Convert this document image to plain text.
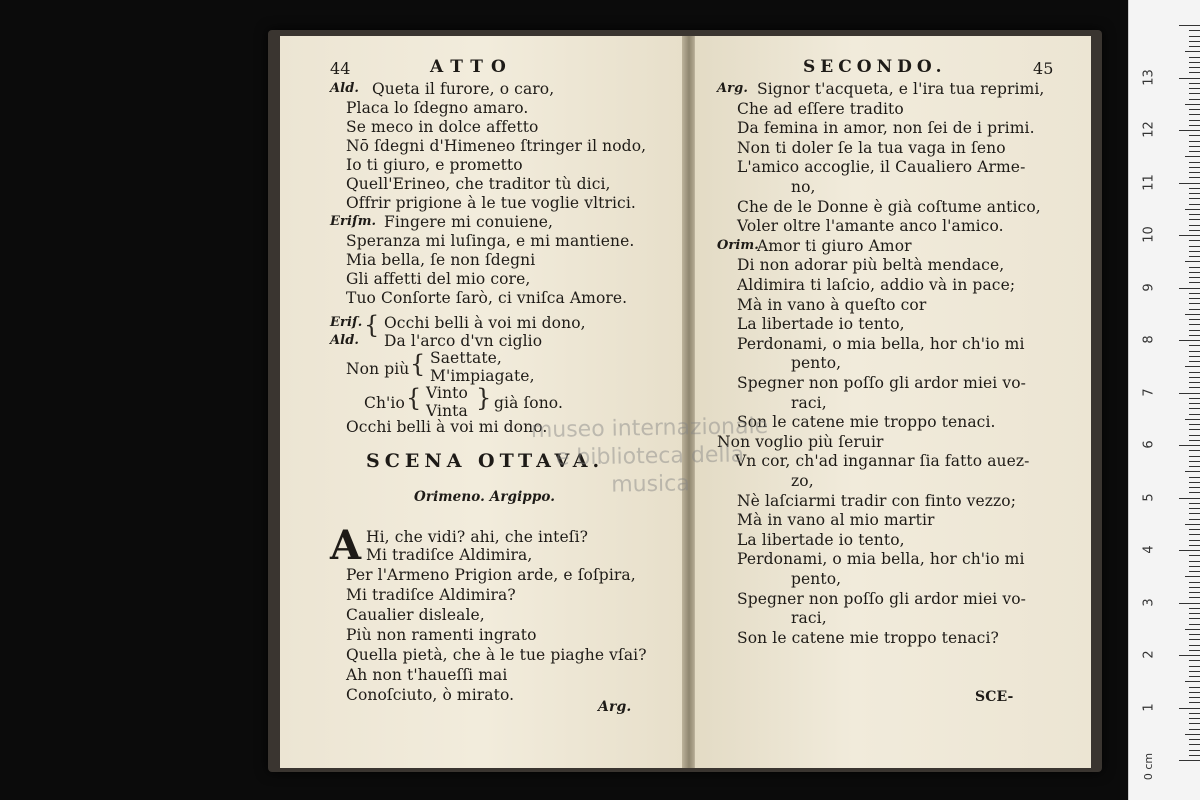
44	ATTO
Ald. Queta il furore, o caro,
Placa lo ſdegno amaro.
Se meco in dolce affetto
Nō ſdegni d'Himeneo ſtringer il nodo,
Io ti giuro, e prometto
Quell'Erineo, che traditor tù dici,
Offrir prigione à le tue voglie vltrici.
Eriſm. Fingere mi conuiene,
Speranza mi luſinga, e mi mantiene.
Mia bella, ſe non ſdegni
Gli affetti del mio core,
Tuo Conſorte ſarò, ci vniſca Amore.
Eriſ.
Ald.
{ Occhi belli à voi mi dono,
Da l'arco d'vn ciglio
Non più { Saettate,
M'impiagate,
Ch'io { Vinto
Vinta } già ſono.
Occhi belli à voi mi dono.
SCENA OTTAVA.
Orimeno. Argippo.
A Hi, che vidi? ahi, che inteſi?
Mi tradiſce Aldimira,
Per l'Armeno Prigion arde, e ſoſpira,
Mi tradiſce Aldimira?
Caualier disleale,
Più non ramenti ingrato
Quella pietà, che à le tue piaghe vſai?
Ah non t'haueſſi mai
Conoſciuto, ò mirato.
Arg.
SECONDO.	45
Arg. Signor t'acqueta, e l'ira tua reprimi,
Che ad eſſere tradito
Da femina in amor, non ſei de i primi.
Non ti doler ſe la tua vaga in ſeno
L'amico accoglie, il Caualiero Arme-
no,
Che de le Donne è già coſtume antico,
Voler oltre l'amante anco l'amico.
Orim.
Amor ti giuro Amor
Di non adorar più beltà mendace,
Aldimira ti laſcio, addio và in pace;
Mà in vano à queſto cor
La libertade io tento,
Perdonami, o mia bella, hor ch'io mi
pento,
Spegner non poſſo gli ardor miei vo-
raci,
Son le catene mie troppo tenaci.
Non voglio più ſeruir
Vn cor, ch'ad ingannar ſia fatto auez-
zo,
Nè laſciarmi tradir con finto vezzo;
Mà in vano al mio martir
La libertade io tento,
Perdonami, o mia bella, hor ch'io mi
pento,
Spegner non poſſo gli ardor miei vo-
raci,
Son le catene mie troppo tenaci?
SCE-
museo internazionale
e biblioteca della
musica
1
2
3
4
5
6
7
8
9
10
11
12
13
0 cm
